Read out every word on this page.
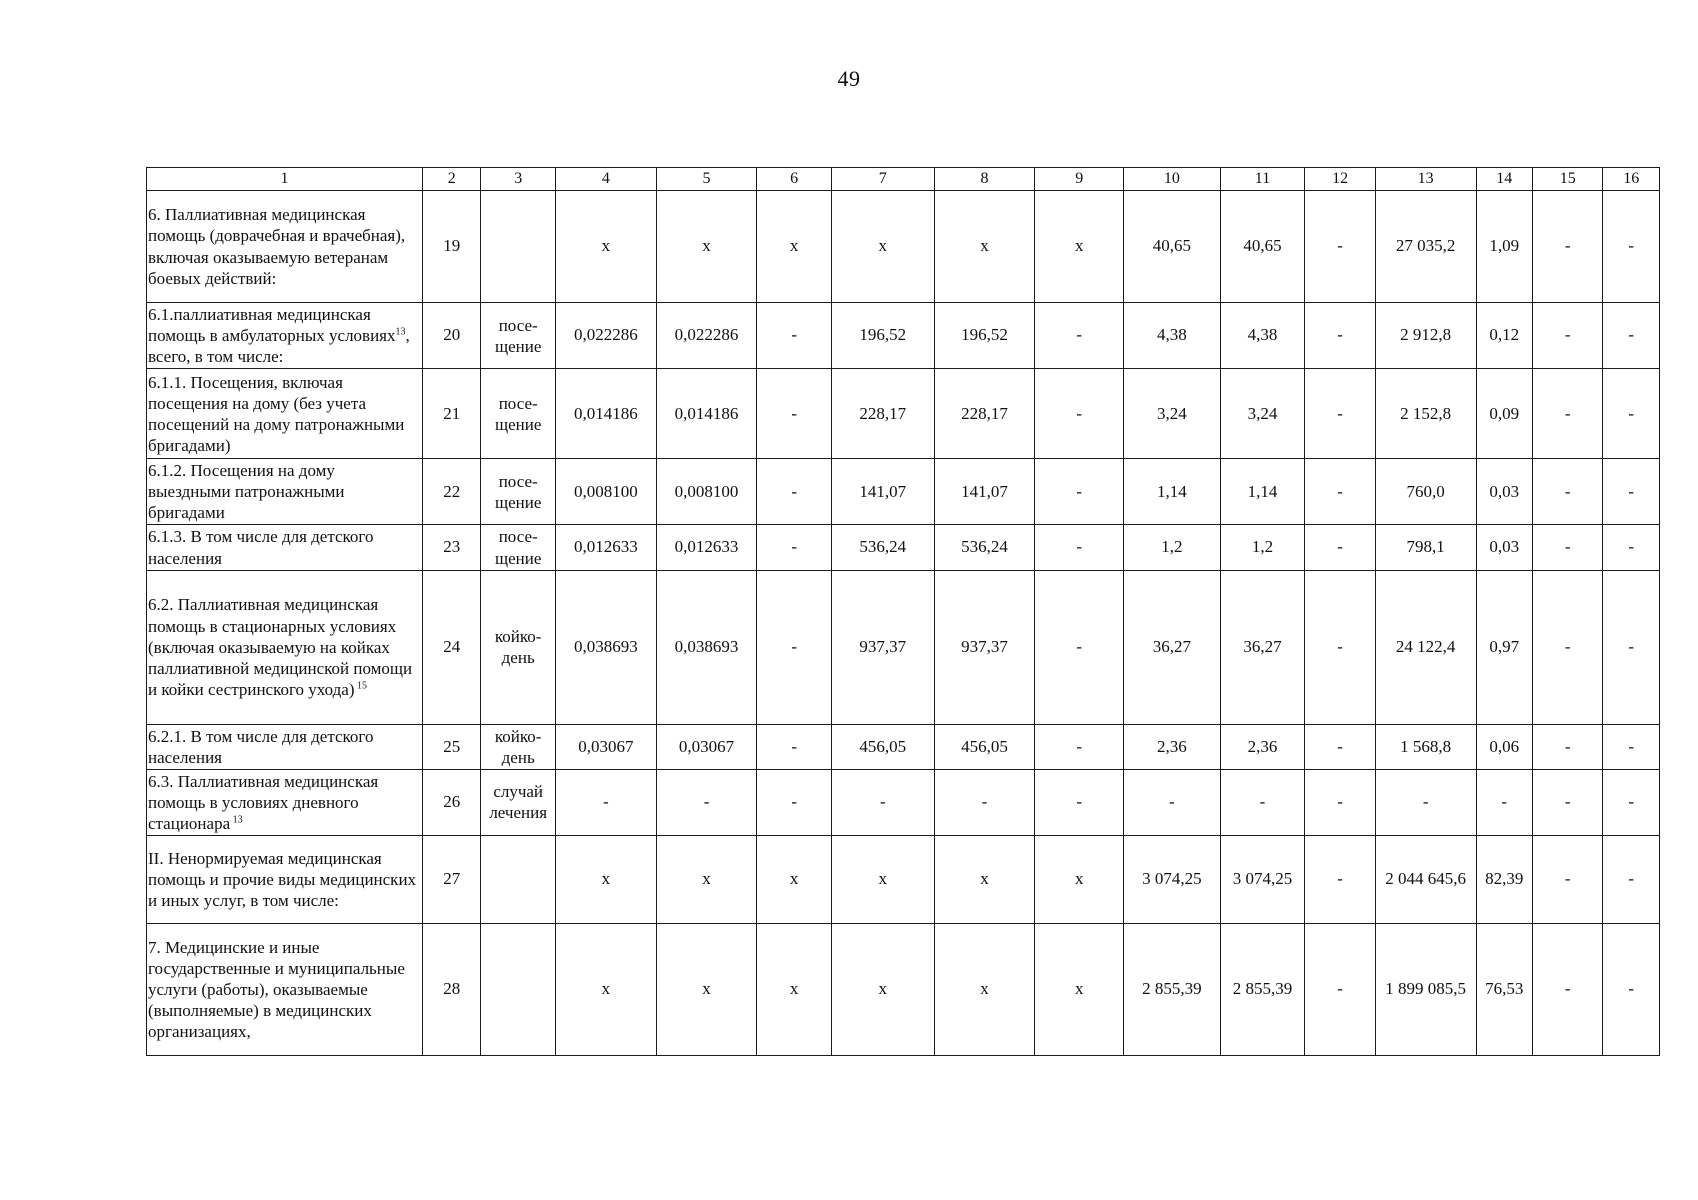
49
1	2	3	4	5	6	7	8	9	10	11	12	13	14	15	16
6. Паллиативная медицинская помощь (доврачебная и врачебная), включая оказываемую ветеранам боевых действий:	19		х	х	х	х	х	х	40,65	40,65	-	27 035,2	1,09	-	-
6.1.паллиативная медицинская помощь в амбулаторных условиях$^{13}$, всего, в том числе:	20	посе-щение	0,022286	0,022286	-	196,52	196,52	-	4,38	4,38	-	2 912,8	0,12	-	-
6.1.1. Посещения, включая посещения на дому (без учета посещений на дому патронажными бригадами)	21	посе-щение	0,014186	0,014186	-	228,17	228,17	-	3,24	3,24	-	2 152,8	0,09	-	-
6.1.2. Посещения на дому выездными патронажными бригадами	22	посе-щение	0,008100	0,008100	-	141,07	141,07	-	1,14	1,14	-	760,0	0,03	-	-
6.1.3. В том числе для детского населения	23	посе-щение	0,012633	0,012633	-	536,24	536,24	-	1,2	1,2	-	798,1	0,03	-	-
6.2. Паллиативная медицинская помощь в стационарных условиях (включая оказываемую на койках паллиативной медицинской помощи и койки сестринского ухода) $^{15}$	24	койко-день	0,038693	0,038693	-	937,37	937,37	-	36,27	36,27	-	24 122,4	0,97	-	-
6.2.1. В том числе для детского населения	25	койко-день	0,03067	0,03067	-	456,05	456,05	-	2,36	2,36	-	1 568,8	0,06	-	-
6.3. Паллиативная медицинская помощь в условиях дневного стационара $^{13}$	26	случай лечения	-	-	-	-	-	-	-	-	-	-	-	-	-
II. Ненормируемая медицинская помощь и прочие виды медицинских и иных услуг, в том числе:	27		х	х	х	х	х	х	3 074,25	3 074,25	-	2 044 645,6	82,39	-	-
7. Медицинские и иные государственные и муниципальные услуги (работы), оказываемые (выполняемые) в медицинских организациях,	28		х	х	х	х	х	х	2 855,39	2 855,39	-	1 899 085,5	76,53	-	-
